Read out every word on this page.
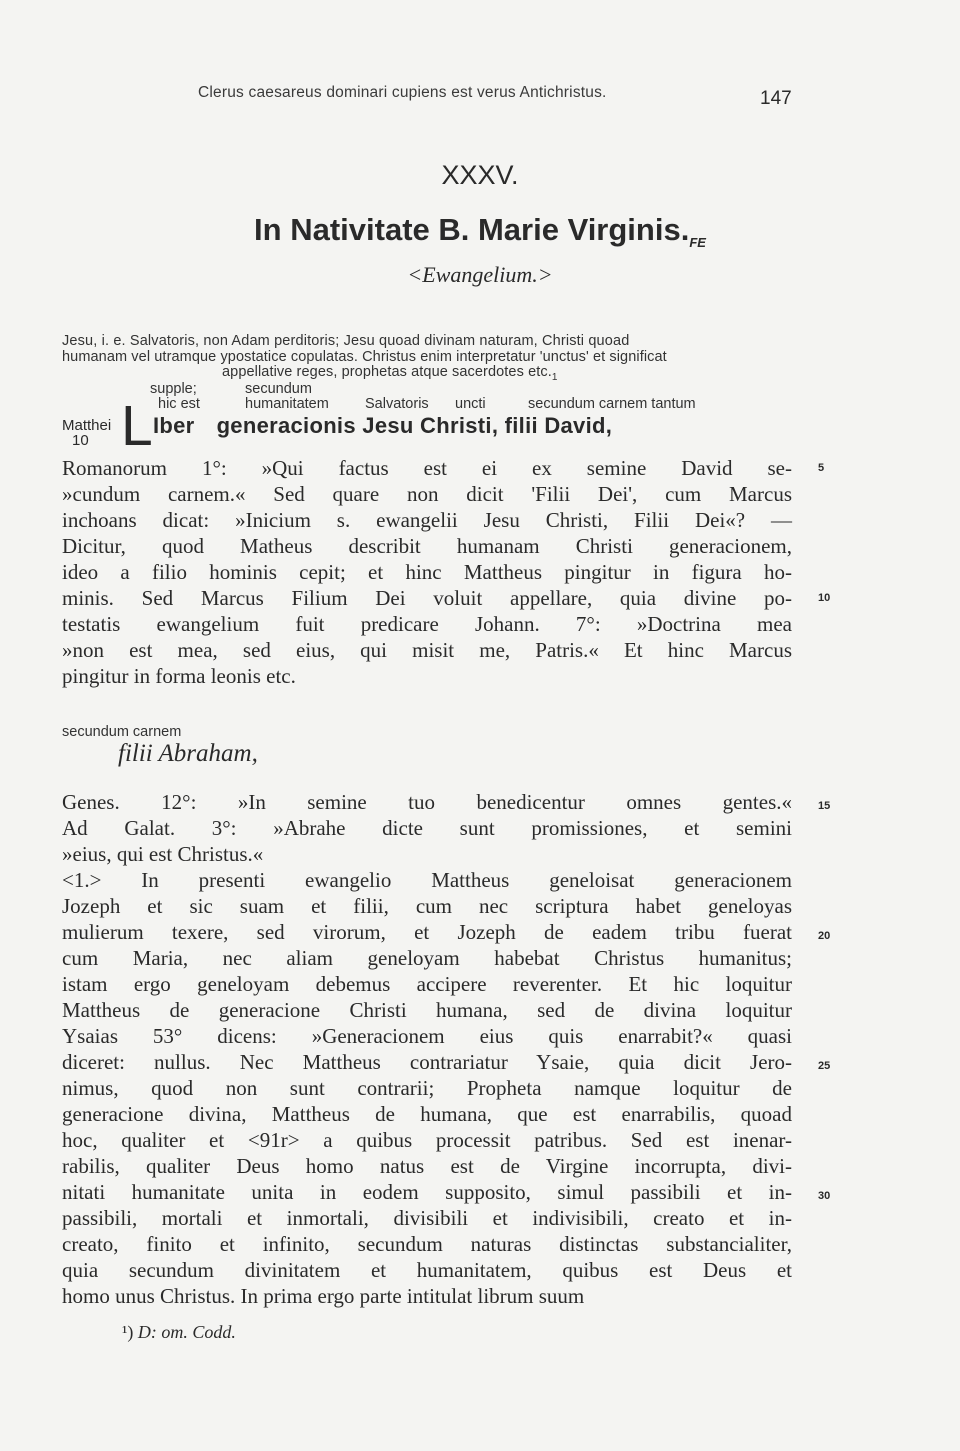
Clerus caesareus dominari cupiens est verus Antichristus.	147
XXXV.
In Nativitate B. Marie $Virginis._{FE}$
<Ewangelium.>
Jesu, i. e. Salvatoris, non Adam perditoris; Jesu quoad divinam naturam, Christi quoad
humanam vel utramque ypostatice copulatas. Christus enim interpretatur 'unctus' et significat
appellative reges, prophetas atque sacerdotes $etc._1$
supple;	secundum
hic est	humanitatem Salvatoris uncti	secundum carnem tantum
Matthei
10 L Iber generacionis Jesu Christi, filii David,
Romanorum 1°: »Qui factus est ei ex semine David se-
»cundum carnem.« Sed quare non dicit 'Filii Dei', cum Marcus
inchoans dicat: »Inicium s. ewangelii Jesu Christi, Filii Dei«? —
Dicitur, quod Matheus describit humanam Christi generacionem,
ideo a filio hominis cepit; et hinc Mattheus pingitur in figura ho-
minis. Sed Marcus Filium Dei voluit appellare, quia divine po-
testatis ewangelium fuit predicare Johann. 7°: »Doctrina mea
»non est mea, sed eius, qui misit me, Patris.« Et hinc Marcus
pingitur in forma leonis etc.
secundum carnem
filii Abraham,
Genes. 12°: »In semine tuo benedicentur omnes gentes.«
Ad Galat. 3°: »Abrahe dicte sunt promissiones, et semini
»eius, qui est Christus.«
<1.> In presenti ewangelio Mattheus geneloisat generacionem
Jozeph et sic suam et filii, cum nec scriptura habet geneloyas
mulierum texere, sed virorum, et Jozeph de eadem tribu fuerat
cum Maria, nec aliam geneloyam habebat Christus humanitus;
istam ergo geneloyam debemus accipere reverenter. Et hic loquitur
Mattheus de generacione Christi humana, sed de divina loquitur
Ysaias 53° dicens: »Generacionem eius quis enarrabit?« quasi
diceret: nullus. Nec Mattheus contrariatur Ysaie, quia dicit Jero-
nimus, quod non sunt contrarii; Propheta namque loquitur de
generacione divina, Mattheus de humana, que est enarrabilis, quoad
hoc, qualiter et <91r> a quibus processit patribus. Sed est inenar-
rabilis, qualiter Deus homo natus est de Virgine incorrupta, divi-
nitati humanitate unita in eodem supposito, simul passibili et in-
passibili, mortali et inmortali, divisibili et indivisibili, creato et in-
creato, finito et infinito, secundum naturas distinctas substancialiter,
quia secundum divinitatem et humanitatem, quibus est Deus et
homo unus Christus. In prima ergo parte intitulat librum suum
5
10
15
20
25
30
¹) D: om. Codd.
